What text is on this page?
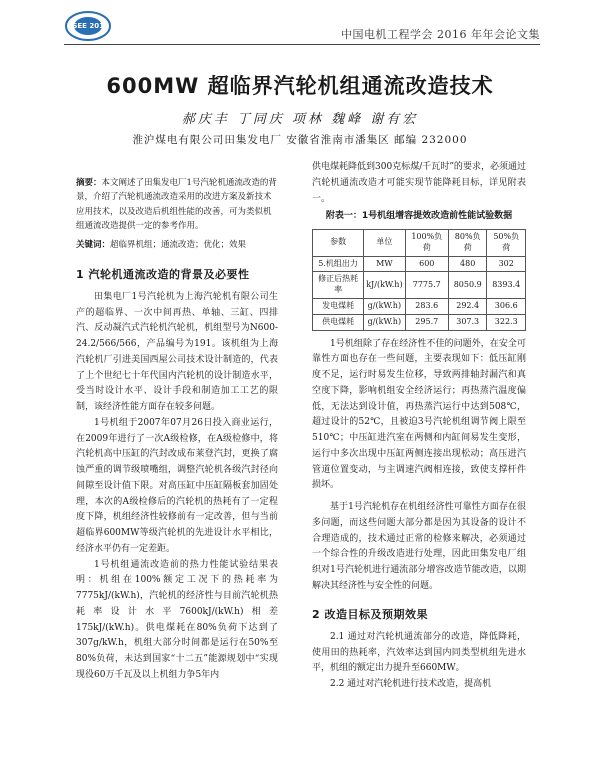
CSEE 2016
中国电机工程学会 2016 年年会论文集
600MW 超临界汽轮机组通流改造技术
郝庆丰 丁同庆 项林 魏峰 谢有宏
淮沪煤电有限公司田集发电厂 安徽省淮南市潘集区 邮编 232000
摘要：本文阐述了田集发电厂1号汽轮机通流改造的背景，介绍了汽轮机通流改造采用的改进方案及新技术应用技术，以及改造后机组性能的改善，可为类似机组通流改造提供一定的参考作用。
关键词：超临界机组；通流改造；优化；效果
1 汽轮机通流改造的背景及必要性

田集电厂1号汽轮机为上海汽轮机有限公司生产的超临界、一次中间再热、单轴、三缸、四排汽、反动凝汽式汽轮机汽轮机，机组型号为N600-24.2/566/566，产品编号为191。该机组为上海汽轮机厂引进美国西屋公司技术设计制造的，代表了上个世纪七十年代国内汽轮机的设计制造水平，受当时设计水平、设计手段和制造加工工艺的限制，该经济性能方面存在较多问题。

1号机组于2007年07月26日投入商业运行，在2009年进行了一次A级检修，在A级检修中，将汽轮机高中压缸的汽封改成布莱登汽封，更换了腐蚀严重的调节级喷嘴组，调整汽轮机各级汽封径向间隙至设计值下限。对高压缸中压缸隔板套加固处理，本次的A级检修后的汽轮机的热耗有了一定程度下降，机组经济性较修前有一定改善，但与当前超临界600MW等级汽轮机的先进设计水平相比，经济水平仍有一定差距。

1号机组通流改造前的热力性能试验结果表明：机组在100%额定工况下的热耗率为7775kJ/(kW.h)，汽轮机的经济性与目前汽轮机热耗率设计水平7600kJ/(kW.h)相差175kJ/(kW.h)。供电煤耗在80%负荷下达到了307g/kW.h，机组大部分时间都是运行在50%至80%负荷，未达到国家“十二五”能源规划中“实现现役60万千瓦及以上机组力争5年内

供电煤耗降低到300克标煤/千瓦时”的要求，必须通过汽轮机通流改造才可能实现节能降耗目标，详见附表一。

附表一：1号机组增容提效改造前性能试验数据
参数	单位	100%负荷	80%负荷	50%负荷
5.机组出力	MW	600	480	302
修正后热耗率	kJ/(kW.h)	7775.7	8050.9	8393.4
发电煤耗	g/(kW.h)	283.6	292.4	306.6
供电煤耗	g/(kW.h)	295.7	307.3	322.3

1号机组除了存在经济性不佳的问题外，在安全可靠性方面也存在一些问题，主要表现如下：低压缸刚度不足，运行时易发生位移，导致两排轴封漏汽和真空度下降，影响机组安全经济运行；再热蒸汽温度偏低，无法达到设计值，再热蒸汽运行中达到508℃，超过设计的52℃，且被迫3号汽轮机组调节阀上限至510℃；中压缸进汽室在两侧和内缸间易发生变形，运行中多次出现中压缸两侧连接出现松动；高压进汽管道位置变动，与主调速汽阀相连接，致使支撑杆件损坏。

基于1号汽轮机存在机组经济性可靠性方面存在很多问题，而这些问题大部分都是因为其设备的设计不合理造成的，技术通过正常的检修来解决，必须通过一个综合性的升级改造进行处理，因此田集发电厂组织对1号汽轮机进行通流部分增容改造节能改造，以期解决其经济性与安全性的问题。

2 改造目标及预期效果

2.1 通过对汽轮机通流部分的改造，降低降耗，使用田的热耗率，汽效率达到国内同类型机组先进水平，机组的额定出力提升至660MW。

2.2 通过对汽轮机进行技术改造，提高机
